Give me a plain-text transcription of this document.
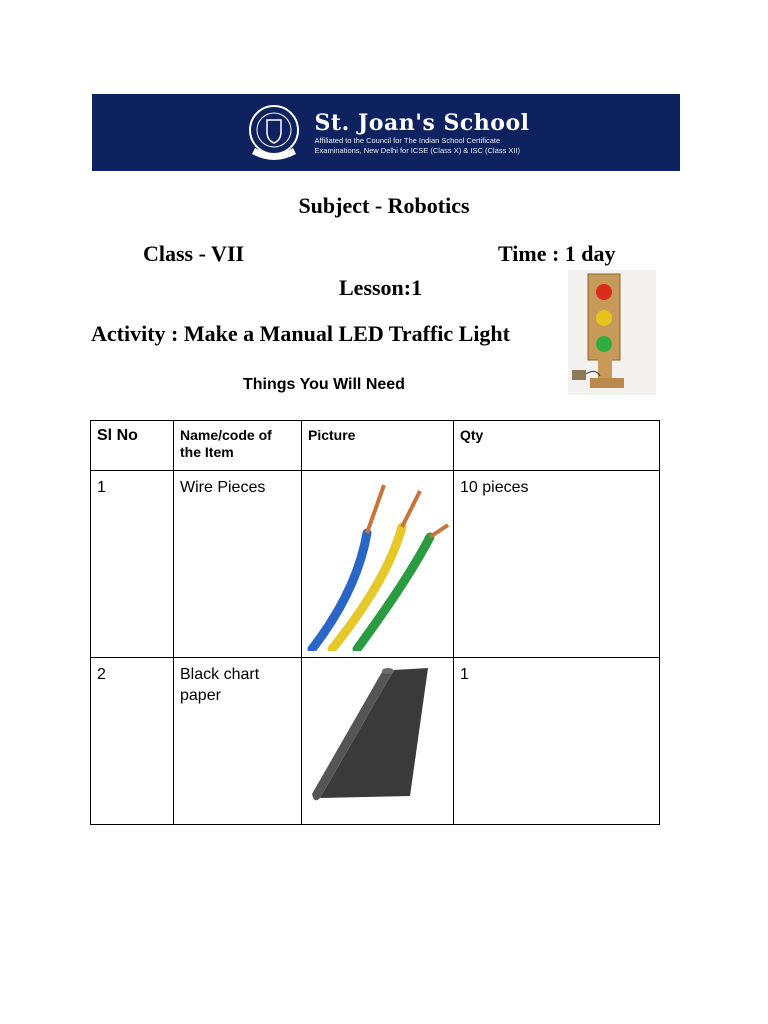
St. Joan's School
Affiliated to the Council for The Indian School Certificate
Examinations, New Delhi for ICSE (Class X) & ISC (Class XII)
Subject - Robotics
Class - VII	Time : 1 day
Lesson:1
Activity : Make a Manual LED Traffic Light
Things You Will Need
Sl No	Name/code of the Item	Picture	Qty
1	Wire Pieces		10 pieces
2	Black chart paper		1
